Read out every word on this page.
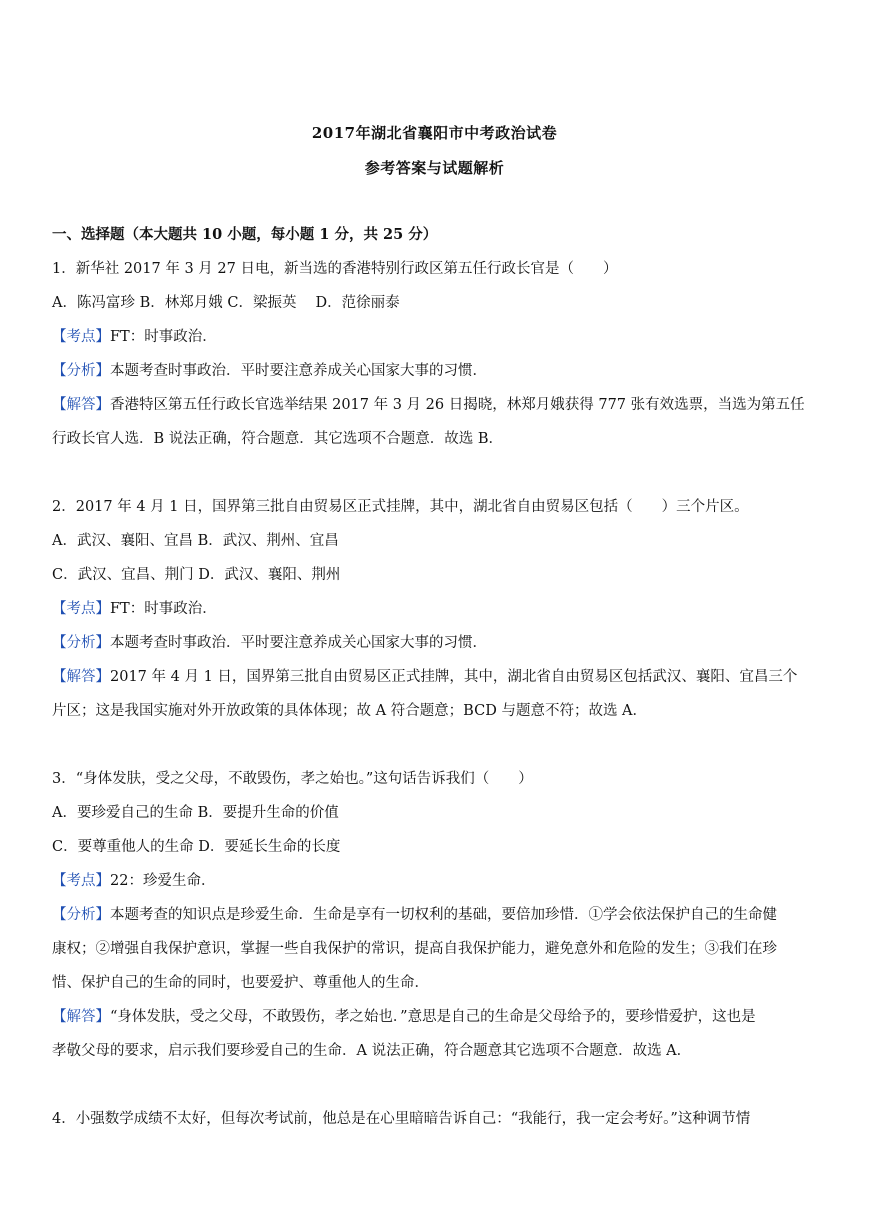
2017年湖北省襄阳市中考政治试卷
参考答案与试题解析
一、选择题（本大题共 10 小题，每小题 1 分，共 25 分）
1．新华社 2017 年 3 月 27 日电，新当选的香港特别行政区第五任行政长官是（　　）
A．陈冯富珍 B．林郑月娥 C．梁振英　 D．范徐丽泰
【考点】FT：时事政治．
【分析】本题考查时事政治．平时要注意养成关心国家大事的习惯．
【解答】香港特区第五任行政长官选举结果 2017 年 3 月 26 日揭晓，林郑月娥获得 777 张有效选票，当选为第五任
行政长官人选．B 说法正确，符合题意．其它选项不合题意．故选 B．
2．2017 年 4 月 1 日，国界第三批自由贸易区正式挂牌，其中，湖北省自由贸易区包括（　　）三个片区。
A．武汉、襄阳、宜昌 B．武汉、荆州、宜昌
C．武汉、宜昌、荆门 D．武汉、襄阳、荆州
【考点】FT：时事政治．
【分析】本题考查时事政治．平时要注意养成关心国家大事的习惯．
【解答】2017 年 4 月 1 日，国界第三批自由贸易区正式挂牌，其中，湖北省自由贸易区包括武汉、襄阳、宜昌三个
片区；这是我国实施对外开放政策的具体体现；故 A 符合题意；BCD 与题意不符；故选 A．
3．“身体发肤，受之父母，不敢毁伤，孝之始也。”这句话告诉我们（　　）
A．要珍爱自己的生命 B．要提升生命的价值
C．要尊重他人的生命 D．要延长生命的长度
【考点】22：珍爱生命．
【分析】本题考查的知识点是珍爱生命．生命是享有一切权利的基础，要倍加珍惜．①学会依法保护自己的生命健
康权；②增强自我保护意识，掌握一些自我保护的常识，提高自我保护能力，避免意外和危险的发生；③我们在珍
惜、保护自己的生命的同时，也要爱护、尊重他人的生命．
【解答】“身体发肤，受之父母，不敢毁伤，孝之始也．”意思是自己的生命是父母给予的，要珍惜爱护，这也是
孝敬父母的要求，启示我们要珍爱自己的生命．A 说法正确，符合题意其它选项不合题意．故选 A．
4．小强数学成绩不太好，但每次考试前，他总是在心里暗暗告诉自己：“我能行，我一定会考好。”这种调节情
